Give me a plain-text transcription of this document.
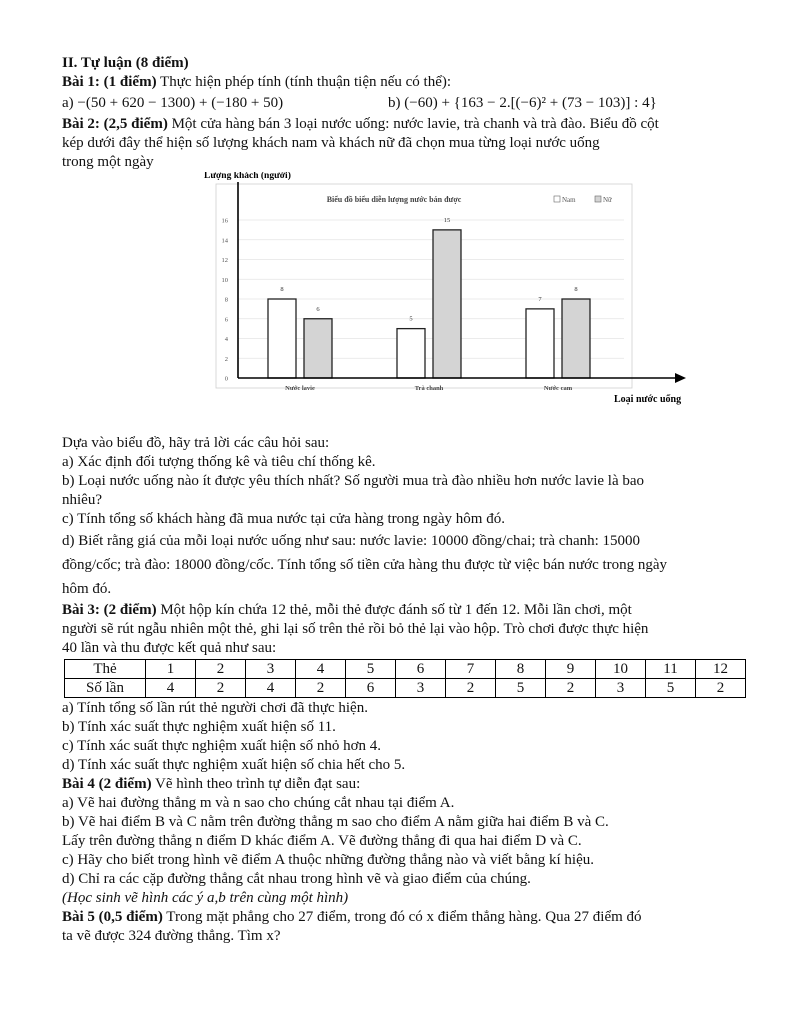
II. Tự luận (8 điểm)

Bài 1: (1 điểm) Thực hiện phép tính (tính thuận tiện nếu có thể):

a) −(50 + 620 − 1300) + (−180 + 50)	b) (−60) + {163 − 2.[(−6)² + (73 − 103)] : 4}

Bài 2: (2,5 điểm) Một cửa hàng bán 3 loại nước uống: nước lavie, trà chanh và trà đào. Biểu đồ cột

kép dưới đây thể hiện số lượng khách nam và khách nữ đã chọn mua từng loại nước uống

trong một ngày

Lượng khách (người)
Biểu đồ biểu diễn lượng nước bán được	Nam	Nữ
0
2
4
6
8
10
12
14
16
8
6
5
15
7
8
Nước lavie	Trà chanh	Nước cam
Loại nước uống

Dựa vào biểu đồ, hãy trả lời các câu hỏi sau:

a) Xác định đối tượng thống kê và tiêu chí thống kê.

b) Loại nước uống nào ít được yêu thích nhất? Số người mua trà đào nhiều hơn nước lavie là bao

nhiêu?

c) Tính tổng số khách hàng đã mua nước tại cửa hàng trong ngày hôm đó.

d) Biết rằng giá của mỗi loại nước uống như sau: nước lavie: 10000 đồng/chai; trà chanh: 15000

đồng/cốc; trà đào: 18000 đồng/cốc. Tính tổng số tiền cửa hàng thu được từ việc bán nước trong ngày

hôm đó.

Bài 3: (2 điểm) Một hộp kín chứa 12 thẻ, mỗi thẻ được đánh số từ 1 đến 12. Mỗi lần chơi, một

người sẽ rút ngẫu nhiên một thẻ, ghi lại số trên thẻ rồi bỏ thẻ lại vào hộp. Trò chơi được thực hiện

40 lần và thu được kết quả như sau:

Thẻ	1	2	3	4	5	6	7	8	9	10	11	12
Số lần	4	2	4	2	6	3	2	5	2	3	5	2

a) Tính tổng số lần rút thẻ người chơi đã thực hiện.

b) Tính xác suất thực nghiệm xuất hiện số 11.

c) Tính xác suất thực nghiệm xuất hiện số nhỏ hơn 4.

d) Tính xác suất thực nghiệm xuất hiện số chia hết cho 5.

Bài 4 (2 điểm) Vẽ hình theo trình tự diễn đạt sau:

a) Vẽ hai đường thẳng m và n sao cho chúng cắt nhau tại điểm A.

b) Vẽ hai điểm B và C nằm trên đường thẳng m sao cho điểm A nằm giữa hai điểm B và C.

Lấy trên đường thẳng n điểm D khác điểm A. Vẽ đường thẳng đi qua hai điểm D và C.

c) Hãy cho biết trong hình vẽ điểm A thuộc những đường thẳng nào và viết bằng kí hiệu.

d) Chỉ ra các cặp đường thẳng cắt nhau trong hình vẽ và giao điểm của chúng.

(Học sinh vẽ hình các ý a,b trên cùng một hình)

Bài 5 (0,5 điểm) Trong mặt phẳng cho 27 điểm, trong đó có x điểm thẳng hàng. Qua 27 điểm đó

ta vẽ được 324 đường thẳng. Tìm x?
